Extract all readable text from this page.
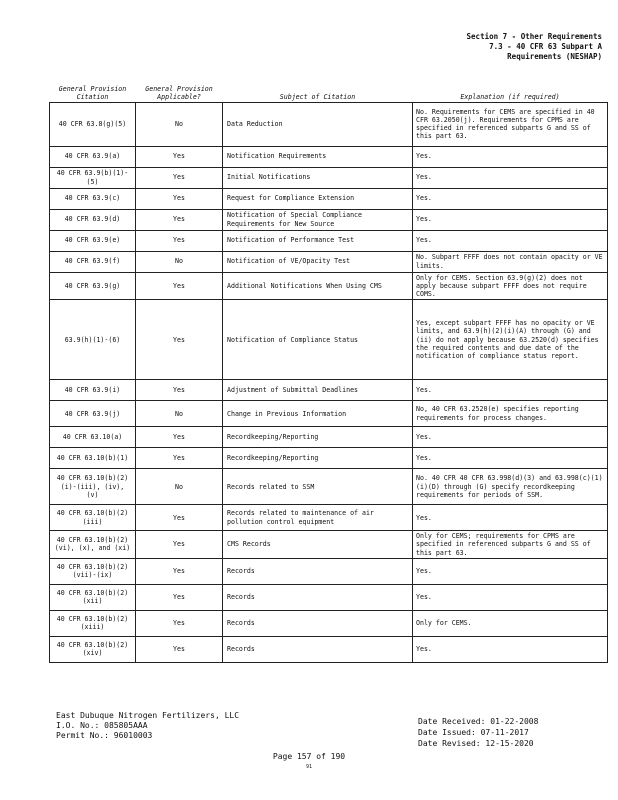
Section 7 - Other Requirements
7.3 - 40 CFR 63 Subpart A
Requirements (NESHAP)
General Provision Citation	General Provision Applicable?	Subject of Citation	Explanation (if required)
40 CFR 63.8(g)(5)	No	Data Reduction	No. Requirements for CEMS are specified in 40 CFR 63.2050(j). Requirements for CPMS are specified in referenced subparts G and SS of this part 63.
40 CFR 63.9(a)	Yes	Notification Requirements	Yes.
40 CFR 63.9(b)(1)-(5)	Yes	Initial Notifications	Yes.
40 CFR 63.9(c)	Yes	Request for Compliance Extension	Yes.
40 CFR 63.9(d)	Yes	Notification of Special Compliance Requirements for New Source	Yes.
40 CFR 63.9(e)	Yes	Notification of Performance Test	Yes.
40 CFR 63.9(f)	No	Notification of VE/Opacity Test	No. Subpart FFFF does not contain opacity or VE limits.
40 CFR 63.9(g)	Yes	Additional Notifications When Using CMS	Only for CEMS. Section 63.9(g)(2) does not apply because subpart FFFF does not require COMS.
63.9(h)(1)-(6)	Yes	Notification of Compliance Status	Yes, except subpart FFFF has no opacity or VE limits, and 63.9(h)(2)(i)(A) through (G) and (ii) do not apply because 63.2520(d) specifies the required contents and due date of the notification of compliance status report.
40 CFR 63.9(i)	Yes	Adjustment of Submittal Deadlines	Yes.
40 CFR 63.9(j)	No	Change in Previous Information	No, 40 CFR 63.2520(e) specifies reporting requirements for process changes.
40 CFR 63.10(a)	Yes	Recordkeeping/Reporting	Yes.
40 CFR 63.10(b)(1)	Yes	Recordkeeping/Reporting	Yes.
40 CFR 63.10(b)(2)(i)-(iii), (iv), (v)	No	Records related to SSM	No. 40 CFR 40 CFR 63.998(d)(3) and 63.998(c)(1)(i)(D) through (G) specify recordkeeping requirements for periods of SSM.
40 CFR 63.10(b)(2)(iii)	Yes	Records related to maintenance of air pollution control equipment	Yes.
40 CFR 63.10(b)(2)(vi), (x), and (xi)	Yes	CMS Records	Only for CEMS; requirements for CPMS are specified in referenced subparts G and SS of this part 63.
40 CFR 63.10(b)(2)(vii)-(ix)	Yes	Records	Yes.
40 CFR 63.10(b)(2)(xii)	Yes	Records	Yes.
40 CFR 63.10(b)(2)(xiii)	Yes	Records	Only for CEMS.
40 CFR 63.10(b)(2)(xiv)	Yes	Records	Yes.
East Dubuque Nitrogen Fertilizers, LLC
I.O. No.: 085805AAA
Permit No.: 96010003
Date Received: 01-22-2008
Date Issued: 07-11-2017
Date Revised: 12-15-2020
Page 157 of 190
91
